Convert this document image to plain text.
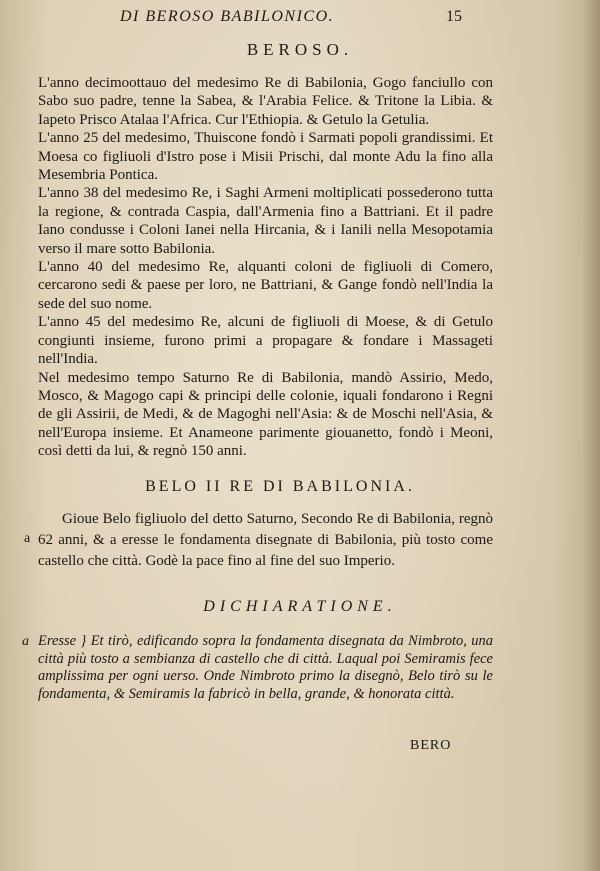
·
·
DI BEROSO BABILONICO.	15
BEROSO.

L'anno decimoottauo del medesimo Re di Babilonia, Gogo fanciullo con Sabo suo padre, tenne la Sabea, & l'Arabia Felice. & Tritone la Libia. & Iapeto Prisco Atalaa l'Africa. Cur l'Ethiopia. & Getulo la Getulia.

L'anno 25 del medesimo, Thuiscone fondò i Sarmati popoli grandissimi. Et Moesa co figliuoli d'Istro pose i Misii Prischi, dal monte Adu la fino alla Mesembria Pontica.

L'anno 38 del medesimo Re, i Saghi Armeni moltiplicati possederono tutta la regione, & contrada Caspia, dall'Armenia fino a Battriani. Et il padre Iano condusse i Coloni Ianei nella Hircania, & i Ianili nella Mesopotamia verso il mare sotto Babilonia.

L'anno 40 del medesimo Re, alquanti coloni de figliuoli di Comero, cercarono sedi & paese per loro, ne Battriani, & Gange fondò nell'India la sede del suo nome.

L'anno 45 del medesimo Re, alcuni de figliuoli di Moese, & di Getulo congiunti insieme, furono primi a propagare & fondare i Massageti nell'India.

Nel medesimo tempo Saturno Re di Babilonia, mandò Assirio, Medo, Mosco, & Magogo capi & principi delle colonie, iquali fondarono i Regni de gli Assirii, de Medi, & de Magoghi nell'Asia: & de Moschi nell'Asia, & nell'Europa insieme. Et Anameone parimente giouanetto, fondò i Meoni, così detti da lui, & regnò 150 anni.

BELO II RE DI BABILONIA.
a

Gioue Belo figliuolo del detto Saturno, Secondo Re di Babilonia, regnò 62 anni, & a eresse le fondamenta disegnate di Babilonia, più tosto come castello che città. Godè la pace fino al fine del suo Imperio.

DICHIARATIONE.
a Eresse } Et tirò, edificando sopra la fondamenta disegnata da Nimbroto, una città più tosto a sembianza di castello che di città. Laqual poi Semiramis fece amplissima per ogni uerso. Onde Nimbroto primo la disegnò, Belo tirò su le fondamenta, & Semiramis la fabricò in bella, grande, & honorata città.

BERO
